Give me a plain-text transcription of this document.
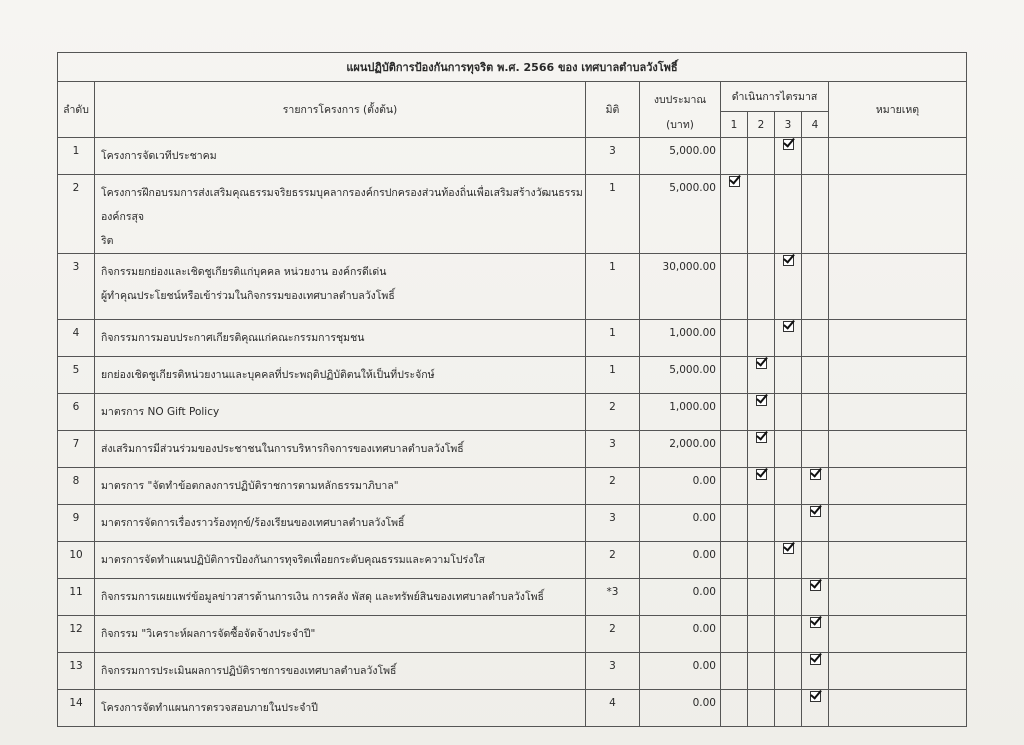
แผนปฏิบัติการป้องกันการทุจริต พ.ศ. 2566 ของ เทศบาลตำบลวังโพธิ์								
ลำดับ	รายการโครงการ (ตั้งต้น)	มิติ	งบประมาณ	ดำเนินการไตรมาส				หมายเหตุ
			(บาท)	1	2	3	4	
1	โครงการจัดเวทีประชาคม	3	5,000.00			

2	โครงการฝึกอบรมการส่งเสริมคุณธรรมจริยธรรมบุคลากรองค์กรปกครองส่วนท้องถิ่นเพื่อเสริมสร้างวัฒนธรรมองค์กรสุจ
ริต	1	5,000.00	

3	กิจกรรมยกย่องและเชิดชูเกียรติแก่บุคคล หน่วยงาน องค์กรดีเด่น
ผู้ทำคุณประโยชน์หรือเข้าร่วมในกิจกรรมของเทศบาลตำบลวังโพธิ์	1	30,000.00			

4	กิจกรรมการมอบประกาศเกียรติคุณแก่คณะกรรมการชุมชน	1	1,000.00			

5	ยกย่องเชิดชูเกียรติหน่วยงานและบุคคลที่ประพฤติปฏิบัติตนให้เป็นที่ประจักษ์	1	5,000.00		

6	มาตรการ NO Gift Policy	2	1,000.00		

7	ส่งเสริมการมีส่วนร่วมของประชาชนในการบริหารกิจการของเทศบาลตำบลวังโพธิ์	3	2,000.00		

8	มาตรการ "จัดทำข้อตกลงการปฏิบัติราชการตามหลักธรรมาภิบาล"	2	0.00		

9	มาตรการจัดการเรื่องราวร้องทุกข์/ร้องเรียนของเทศบาลตำบลวังโพธิ์	3	0.00				

10	มาตรการจัดทำแผนปฏิบัติการป้องกันการทุจริตเพื่อยกระดับคุณธรรมและความโปร่งใส	2	0.00			

11	กิจกรรมการเผยแพร่ข้อมูลข่าวสารด้านการเงิน การคลัง พัสดุ และทรัพย์สินของเทศบาลตำบลวังโพธิ์	*3	0.00				

12	กิจกรรม "วิเคราะห์ผลการจัดซื้อจัดจ้างประจำปี"	2	0.00				

13	กิจกรรมการประเมินผลการปฏิบัติราชการของเทศบาลตำบลวังโพธิ์	3	0.00				

14	โครงการจัดทำแผนการตรวจสอบภายในประจำปี	4	0.00				
